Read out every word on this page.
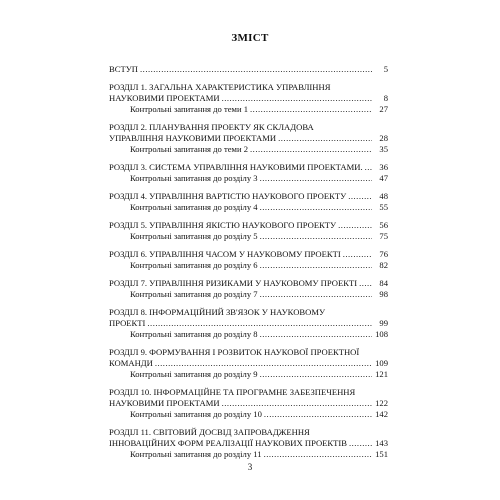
ЗМІСТ
ВСТУП .....	5
РОЗДІЛ 1. ЗАГАЛЬНА ХАРАКТЕРИСТИКА УПРАВЛІННЯ
НАУКОВИМИ ПРОЕКТАМИ .....	8
Контрольні запитання до теми 1 .....	27
РОЗДІЛ 2. ПЛАНУВАННЯ ПРОЕКТУ ЯК СКЛАДОВА
УПРАВЛІННЯ НАУКОВИМИ ПРОЕКТАМИ .....	28
Контрольні запитання до теми 2 .....	35
РОЗДІЛ 3. СИСТЕМА УПРАВЛІННЯ НАУКОВИМИ ПРОЕКТАМИ. .....	36
Контрольні запитання до розділу 3 .....	47
РОЗДІЛ 4. УПРАВЛІННЯ ВАРТІСТЮ НАУКОВОГО ПРОЕКТУ .....	48
Контрольні запитання до розділу 4 .....	55
РОЗДІЛ 5. УПРАВЛІННЯ ЯКІСТЮ НАУКОВОГО ПРОЕКТУ .....	56
Контрольні запитання до розділу 5 .....	75
РОЗДІЛ 6. УПРАВЛІННЯ ЧАСОМ У НАУКОВОМУ ПРОЕКТІ .....	76
Контрольні запитання до розділу 6 .....	82
РОЗДІЛ 7. УПРАВЛІННЯ РИЗИКАМИ У НАУКОВОМУ ПРОЕКТІ .....	84
Контрольні запитання до розділу 7 .....	98
РОЗДІЛ 8. ІНФОРМАЦІЙНИЙ ЗВ'ЯЗОК У НАУКОВОМУ
ПРОЕКТІ .....	99
Контрольні запитання до розділу 8 .....	108
РОЗДІЛ 9. ФОРМУВАННЯ І РОЗВИТОК НАУКОВОЇ ПРОЕКТНОЇ
КОМАНДИ .....	109
Контрольні запитання до розділу 9 .....	121
РОЗДІЛ 10. ІНФОРМАЦІЙНЕ ТА ПРОГРАМНЕ ЗАБЕЗПЕЧЕННЯ
НАУКОВИМИ ПРОЕКТАМИ .....	122
Контрольні запитання до розділу 10 .....	142
РОЗДІЛ 11. СВІТОВИЙ ДОСВІД ЗАПРОВАДЖЕННЯ
ІННОВАЦІЙНИХ ФОРМ РЕАЛІЗАЦІЇ НАУКОВИХ ПРОЕКТІВ .....	143
Контрольні запитання до розділу 11 .....	151
3
